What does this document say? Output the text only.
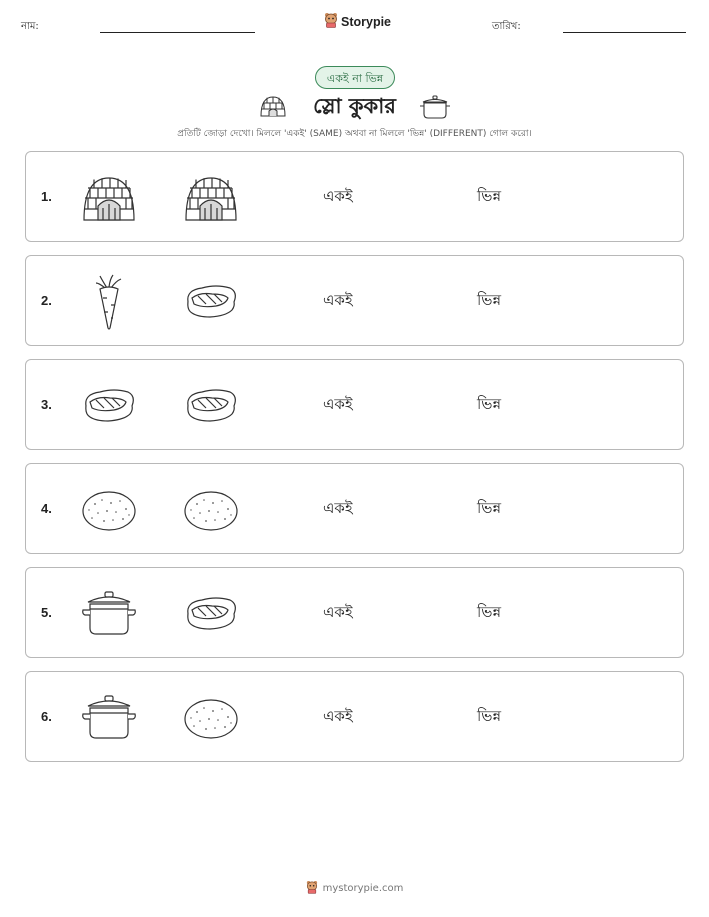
নাম:	Storypie	তারিখ:
একই না ভিন্ন
স্লো কুকার
প্রতিটি জোড়া দেখো। মিললে 'একই' (SAME) অথবা না মিললে 'ভিন্ন' (DIFFERENT) গোল করো।
1.	একই	ভিন্ন
2.	একই	ভিন্ন
3.	একই	ভিন্ন
4.	একই	ভিন্ন
5.	একই	ভিন্ন
6.	একই	ভিন্ন
mystorypie.com
